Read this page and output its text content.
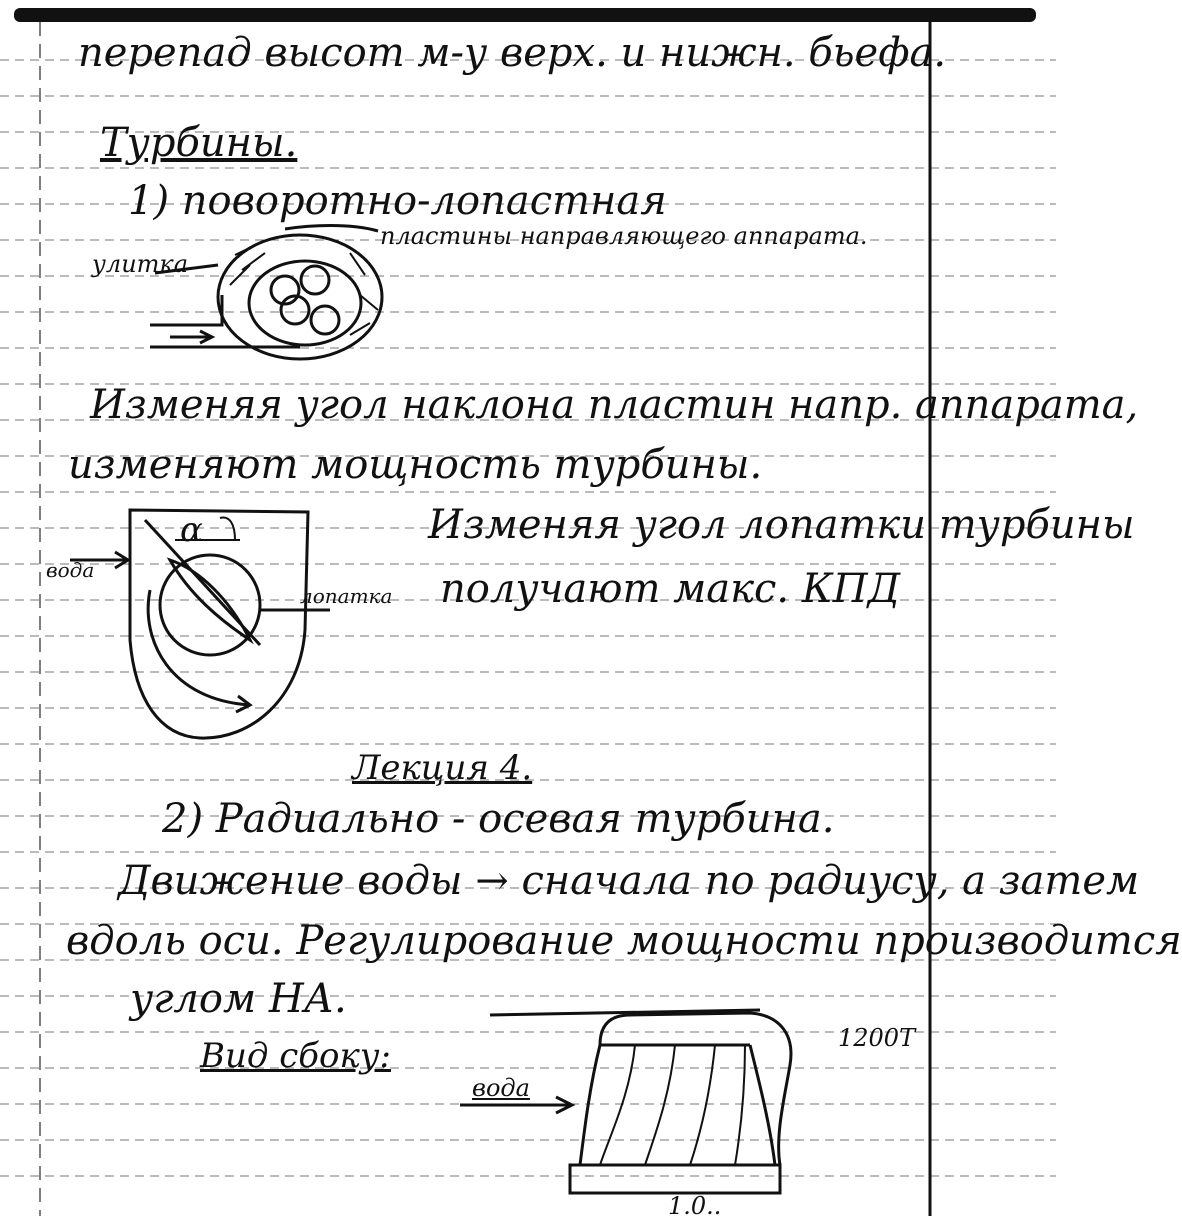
перепад высот м-у верх. и нижн. бьефа.
Турбины.
1) поворотно-лопастная
пластины направляющего аппарата.
улитка
Изменяя угол наклона пластин напр. аппарата,
изменяют мощность турбины.
α
вода
лопатка
Изменяя угол лопатки турбины
получают макс. КПД
Лекция 4.
2) Радиально - осевая турбина.
Движение воды → сначала по радиусу, а затем
вдоль оси. Регулирование мощности производится
углом НА.
Вид сбоку:
вода
1200Т
1.0..
